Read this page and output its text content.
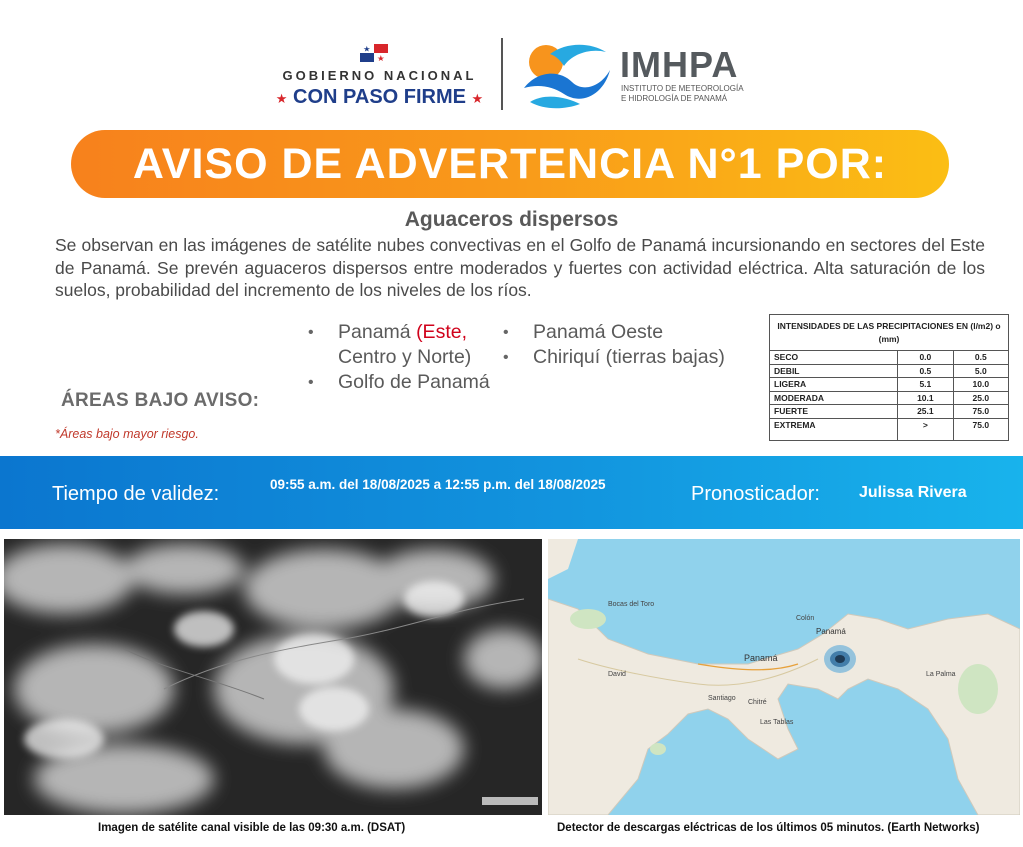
GOBIERNO NACIONAL
★ CON PASO FIRME ★
IMHPA
INSTITUTO DE METEOROLOGÍA
E HIDROLOGÍA DE PANAMÁ
AVISO DE ADVERTENCIA N°1 POR:
Aguaceros dispersos
Se observan en las imágenes de satélite nubes convectivas en el Golfo de Panamá incursionando en sectores del Este de Panamá. Se prevén aguaceros dispersos entre moderados y fuertes con actividad eléctrica. Alta saturación de los suelos, probabilidad del incremento de los niveles de los ríos.
ÁREAS BAJO AVISO:
*Áreas bajo mayor riesgo.
• Panamá (Este, Centro y Norte)
• Golfo de Panamá
• Panamá Oeste
• Chiriquí (tierras bajas)
INTENSIDADES DE LAS PRECIPITACIONES EN (l/m2) o (mm)		
SECO	0.0	0.5
DEBIL	0.5	5.0
LIGERA	5.1	10.0
MODERADA	10.1	25.0
FUERTE	25.1	75.0
EXTREMA	>	75.0
Tiempo de validez:	09:55 a.m. del 18/08/2025 a 12:55 p.m. del 18/08/2025	Pronosticador: Julissa Rivera
Panamá
Panamá
David
Santiago
Colón
Las Tablas
Bocas del Toro
Chitré
La Palma
Imagen de satélite canal visible de las 09:30 a.m. (DSAT)	Detector de descargas eléctricas de los últimos 05 minutos. (Earth Networks)
